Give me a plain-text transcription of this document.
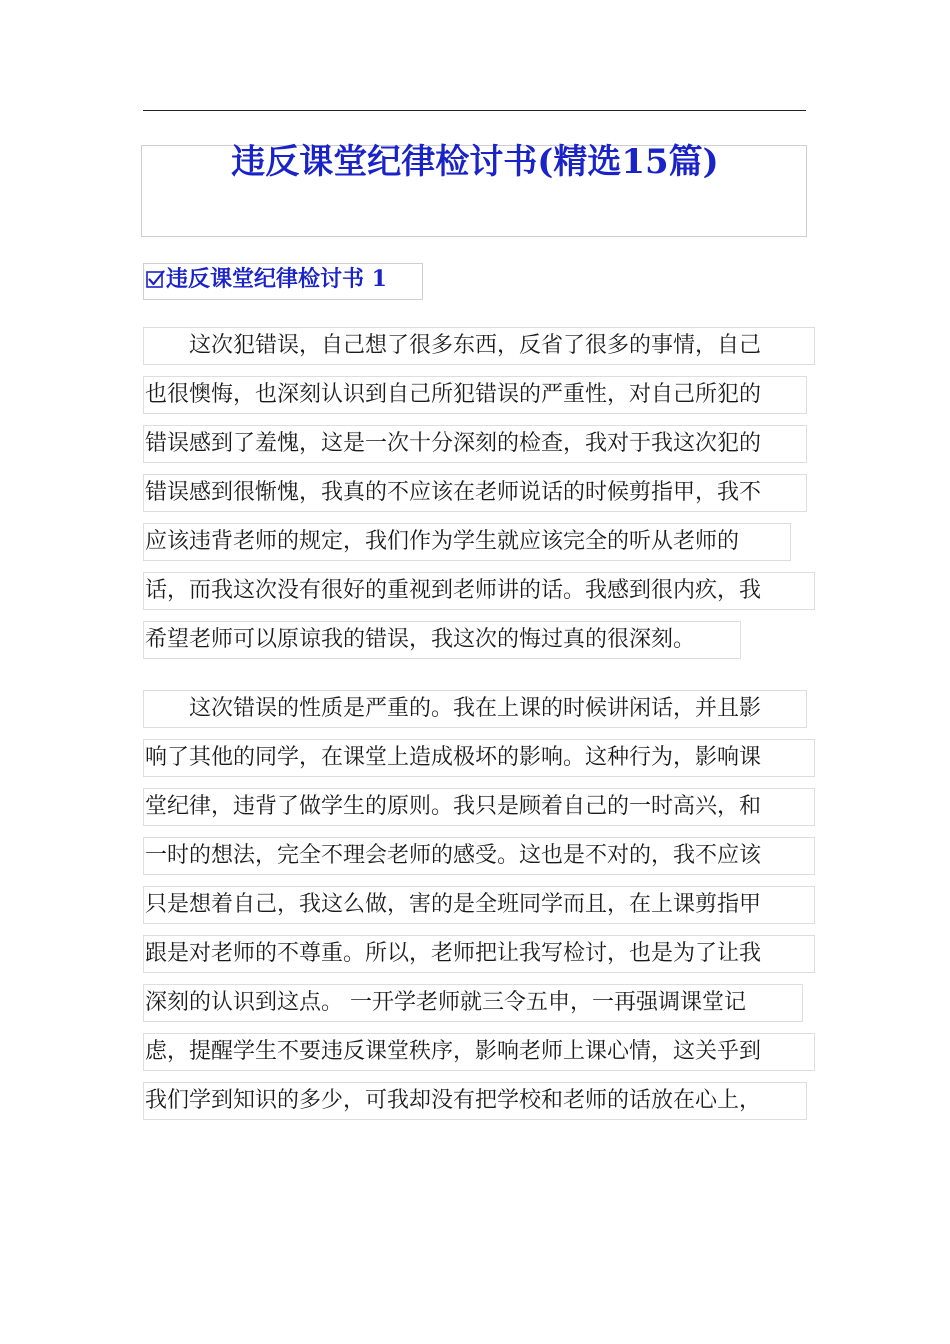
违反课堂纪律检讨书(精选15篇)
违反课堂纪律检讨书 1
　　这次犯错误，自己想了很多东西，反省了很多的事情，自己
也很懊悔，也深刻认识到自己所犯错误的严重性，对自己所犯的
错误感到了羞愧，这是一次十分深刻的检查，我对于我这次犯的
错误感到很惭愧，我真的不应该在老师说话的时候剪指甲，我不
应该违背老师的规定，我们作为学生就应该完全的听从老师的
话，而我这次没有很好的重视到老师讲的话。我感到很内疚，我
希望老师可以原谅我的错误，我这次的悔过真的很深刻。
　　这次错误的性质是严重的。我在上课的时候讲闲话，并且影
响了其他的同学，在课堂上造成极坏的影响。这种行为，影响课
堂纪律，违背了做学生的原则。我只是顾着自己的一时高兴，和
一时的想法，完全不理会老师的感受。这也是不对的，我不应该
只是想着自己，我这么做，害的是全班同学而且，在上课剪指甲
跟是对老师的不尊重。所以，老师把让我写检讨，也是为了让我
深刻的认识到这点。 一开学老师就三令五申，一再强调课堂记
虑，提醒学生不要违反课堂秩序，影响老师上课心情，这关乎到
我们学到知识的多少，可我却没有把学校和老师的话放在心上，
